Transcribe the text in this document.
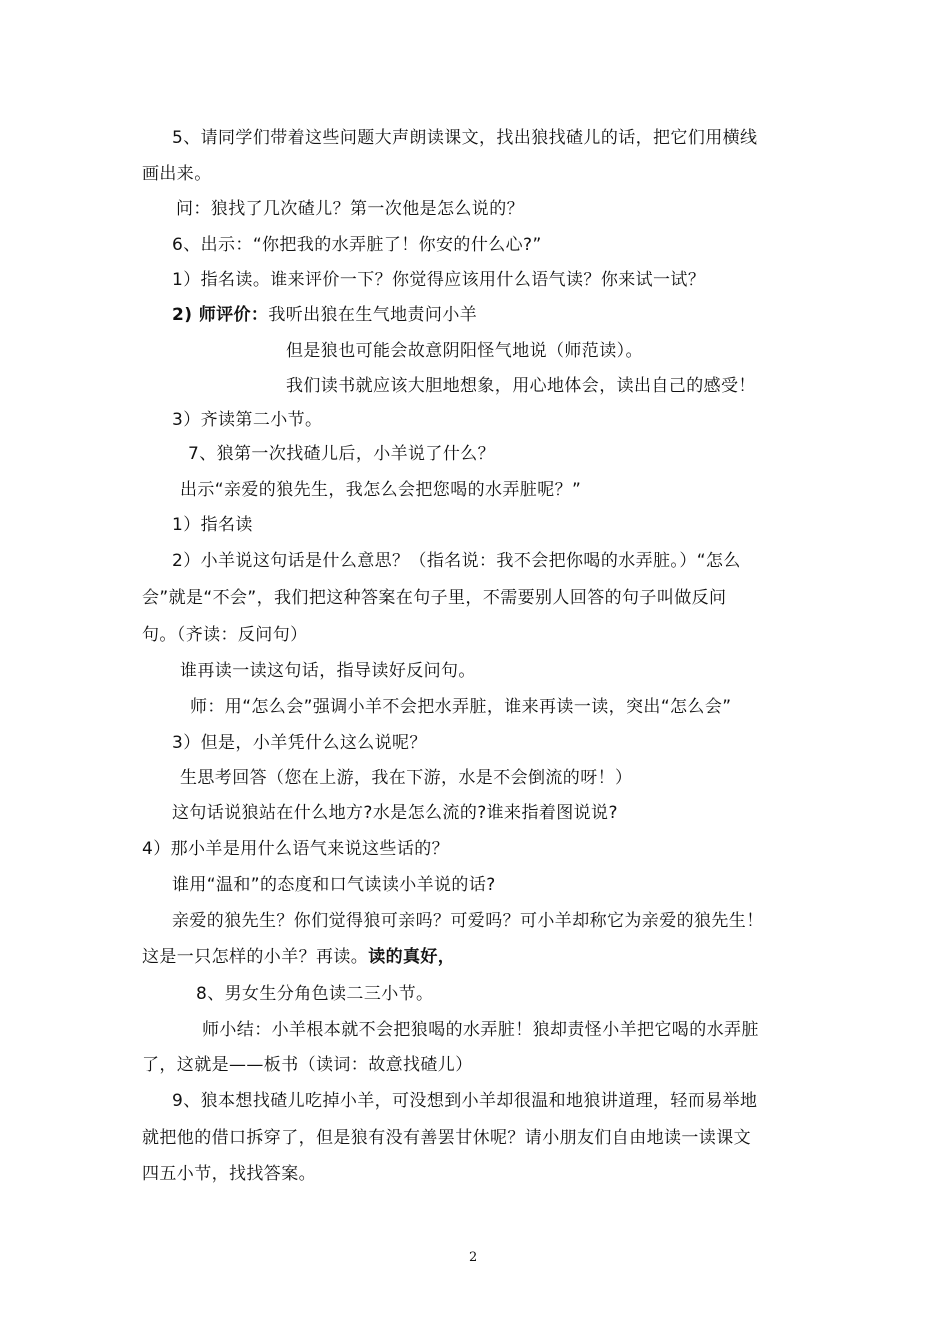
5、请同学们带着这些问题大声朗读课文，找出狼找碴儿的话，把它们用横线
画出来。
问：狼找了几次碴儿？第一次他是怎么说的？
6、出示：“你把我的水弄脏了！你安的什么心?”
1）指名读。谁来评价一下？你觉得应该用什么语气读？你来试一试？
2) 师评价：我听出狼在生气地责问小羊
但是狼也可能会故意阴阳怪气地说（师范读）。
我们读书就应该大胆地想象，用心地体会，读出自己的感受！
3）齐读第二小节。
7、狼第一次找碴儿后，小羊说了什么？
出示“亲爱的狼先生，我怎么会把您喝的水弄脏呢？”
1）指名读
2）小羊说这句话是什么意思？（指名说：我不会把你喝的水弄脏。）“怎么
会”就是“不会”，我们把这种答案在句子里，不需要别人回答的句子叫做反问
句。（齐读：反问句）
谁再读一读这句话，指导读好反问句。
师：用“怎么会”强调小羊不会把水弄脏，谁来再读一读，突出“怎么会”
3）但是，小羊凭什么这么说呢？
生思考回答（您在上游，我在下游，水是不会倒流的呀！）
这句话说狼站在什么地方?水是怎么流的?谁来指着图说说?
4）那小羊是用什么语气来说这些话的？
谁用“温和”的态度和口气读读小羊说的话?
亲爱的狼先生？你们觉得狼可亲吗？可爱吗？可小羊却称它为亲爱的狼先生！
这是一只怎样的小羊？再读。读的真好，
8、男女生分角色读二三小节。
师小结：小羊根本就不会把狼喝的水弄脏！狼却责怪小羊把它喝的水弄脏
了，这就是——板书（读词：故意找碴儿）
9、狼本想找碴儿吃掉小羊，可没想到小羊却很温和地狼讲道理，轻而易举地
就把他的借口拆穿了，但是狼有没有善罢甘休呢？请小朋友们自由地读一读课文
四五小节，找找答案。
2
